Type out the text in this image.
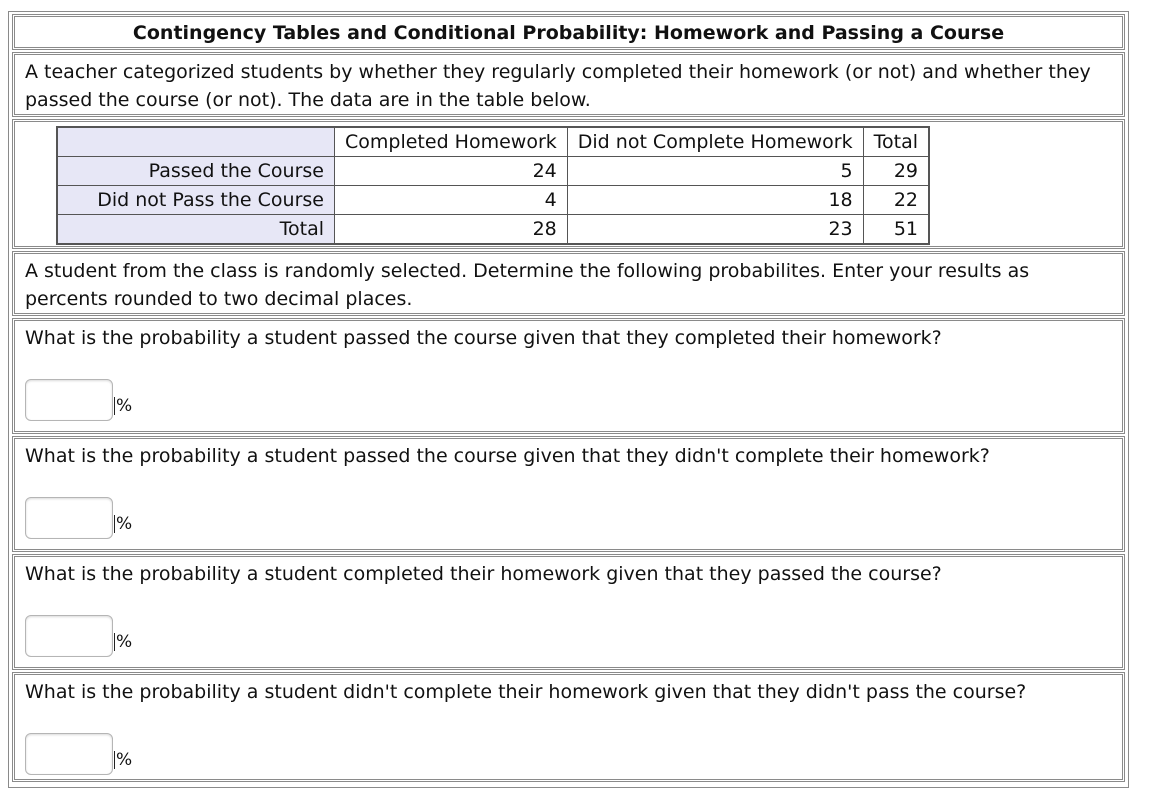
Contingency Tables and Conditional Probability: Homework and Passing a Course
A teacher categorized students by whether they regularly completed their homework (or not) and whether they passed the course (or not). The data are in the table below.
	Completed Homework	Did not Complete Homework	Total
Passed the Course	24	5	29
Did not Pass the Course	4	18	22
Total	28	23	51
A student from the class is randomly selected. Determine the following probabilites. Enter your results as percents rounded to two decimal places.
What is the probability a student passed the course given that they completed their homework?
%
What is the probability a student passed the course given that they didn't complete their homework?
%
What is the probability a student completed their homework given that they passed the course?
%
What is the probability a student didn't complete their homework given that they didn't pass the course?
%
